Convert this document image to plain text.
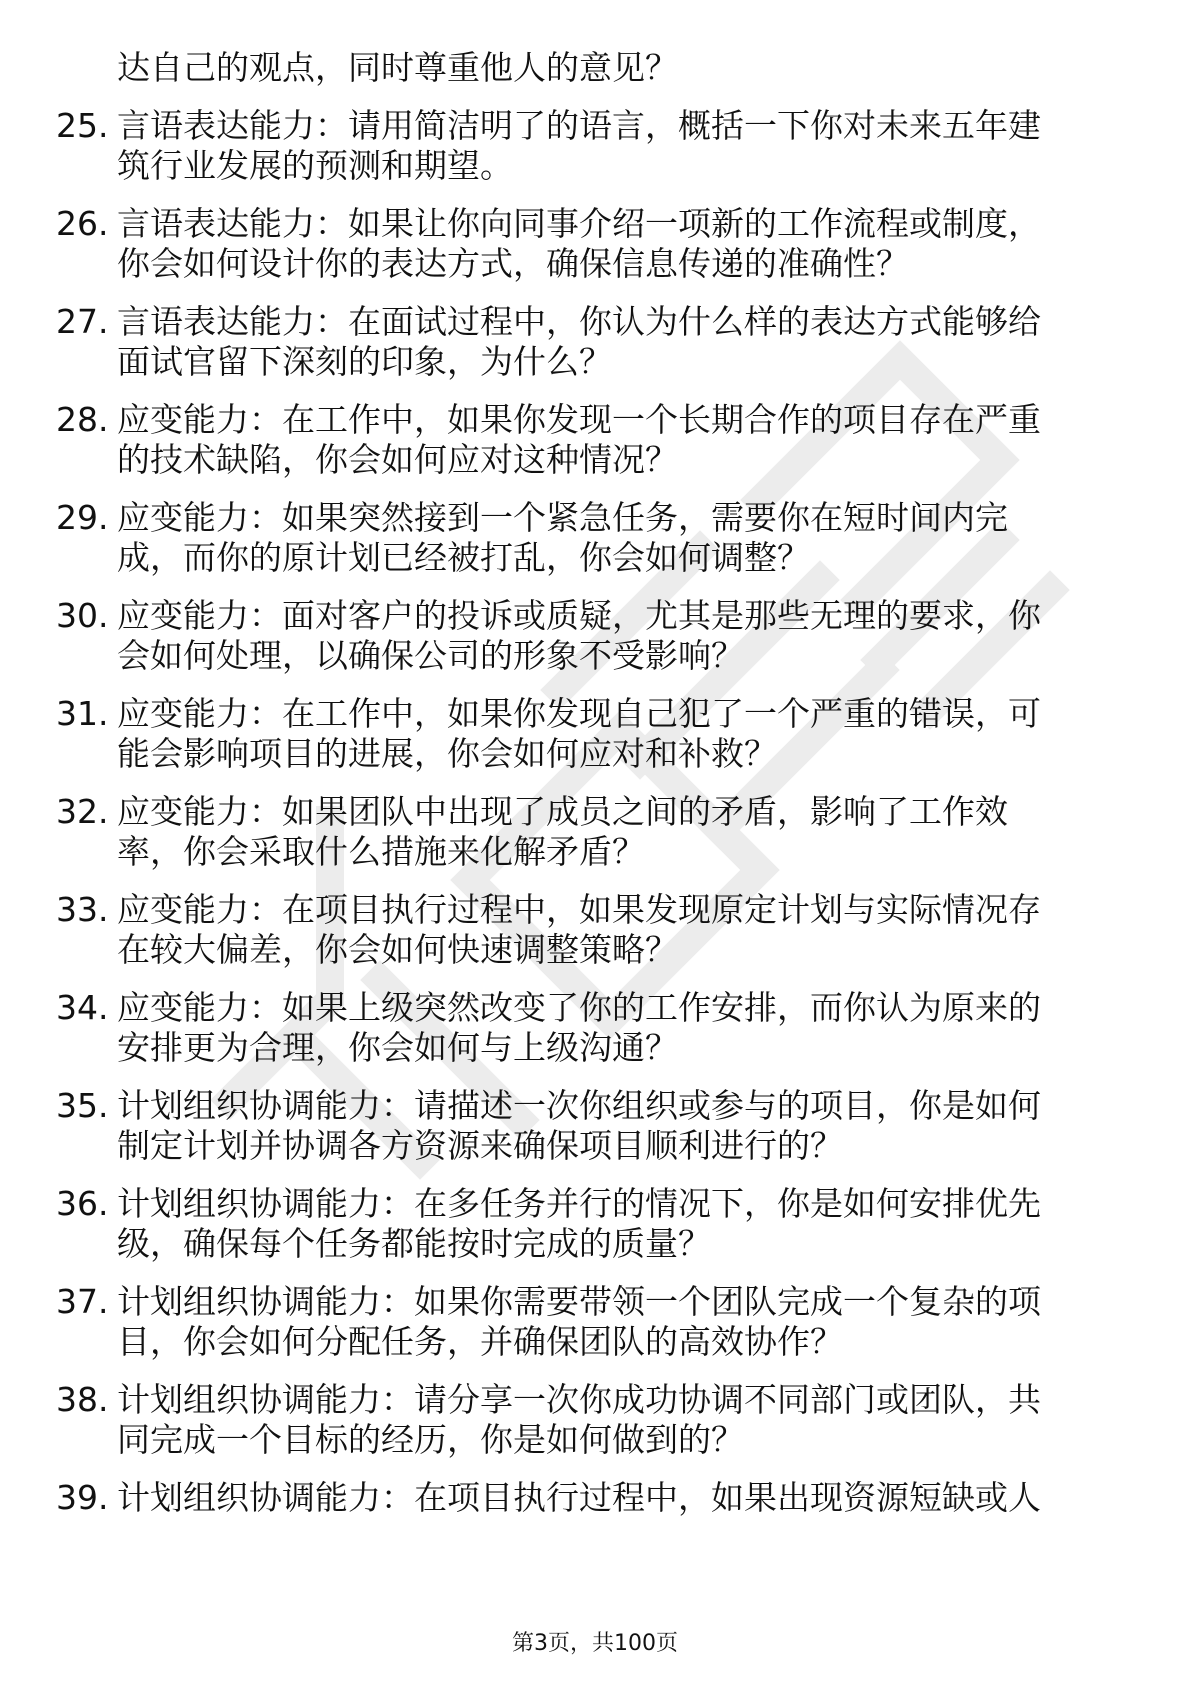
达自己的观点，同时尊重他人的意见？
25. 言语表达能力：请用简洁明了的语言，概括一下你对未来五年建
筑行业发展的预测和期望。
26. 言语表达能力：如果让你向同事介绍一项新的工作流程或制度，
你会如何设计你的表达方式，确保信息传递的准确性？
27. 言语表达能力：在面试过程中，你认为什么样的表达方式能够给
面试官留下深刻的印象，为什么？
28. 应变能力：在工作中，如果你发现一个长期合作的项目存在严重
的技术缺陷，你会如何应对这种情况？
29. 应变能力：如果突然接到一个紧急任务，需要你在短时间内完
成，而你的原计划已经被打乱，你会如何调整？
30. 应变能力：面对客户的投诉或质疑，尤其是那些无理的要求，你
会如何处理，以确保公司的形象不受影响？
31. 应变能力：在工作中，如果你发现自己犯了一个严重的错误，可
能会影响项目的进展，你会如何应对和补救？
32. 应变能力：如果团队中出现了成员之间的矛盾，影响了工作效
率，你会采取什么措施来化解矛盾？
33. 应变能力：在项目执行过程中，如果发现原定计划与实际情况存
在较大偏差，你会如何快速调整策略？
34. 应变能力：如果上级突然改变了你的工作安排，而你认为原来的
安排更为合理，你会如何与上级沟通？
35. 计划组织协调能力：请描述一次你组织或参与的项目，你是如何
制定计划并协调各方资源来确保项目顺利进行的？
36. 计划组织协调能力：在多任务并行的情况下，你是如何安排优先
级，确保每个任务都能按时完成的质量？
37. 计划组织协调能力：如果你需要带领一个团队完成一个复杂的项
目，你会如何分配任务，并确保团队的高效协作？
38. 计划组织协调能力：请分享一次你成功协调不同部门或团队，共
同完成一个目标的经历，你是如何做到的？
39. 计划组织协调能力：在项目执行过程中，如果出现资源短缺或人
第3页，共100页
